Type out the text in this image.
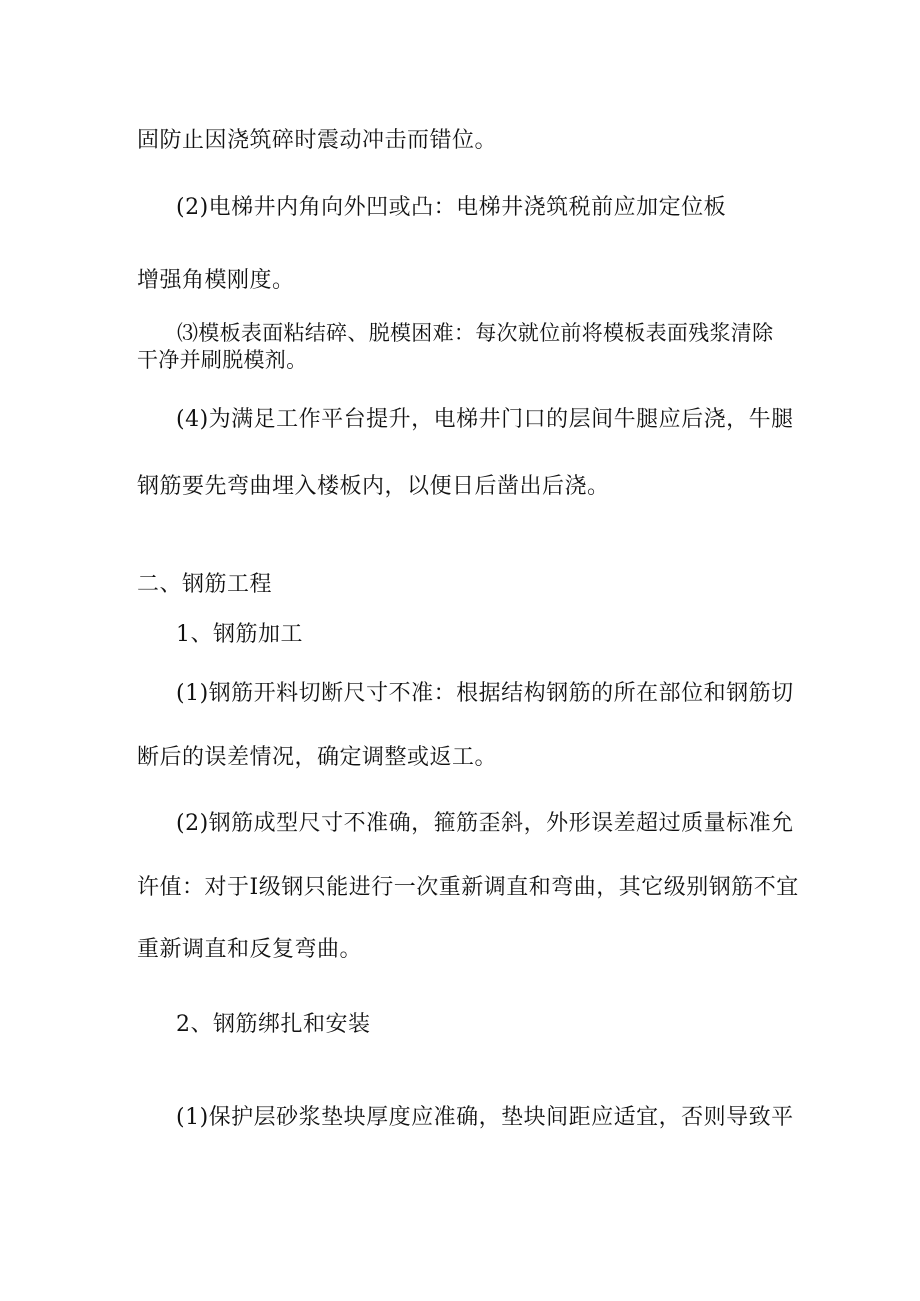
固防止因浇筑碎时震动冲击而错位。
(2)电梯井内角向外凹或凸：电梯井浇筑税前应加定位板
增强角模刚度。
⑶模板表面粘结碎、脱模困难：每次就位前将模板表面残浆清除
干净并刷脱模剂。
(4)为满足工作平台提升，电梯井门口的层间牛腿应后浇，牛腿
钢筋要先弯曲埋入楼板内，以便日后凿出后浇。
二、钢筋工程
1、钢筋加工
(1)钢筋开料切断尺寸不准：根据结构钢筋的所在部位和钢筋切
断后的误差情况，确定调整或返工。
(2)钢筋成型尺寸不准确，箍筋歪斜，外形误差超过质量标准允
许值：对于I级钢只能进行一次重新调直和弯曲，其它级别钢筋不宜
重新调直和反复弯曲。
2、钢筋绑扎和安装
(1)保护层砂浆垫块厚度应准确，垫块间距应适宜，否则导致平
